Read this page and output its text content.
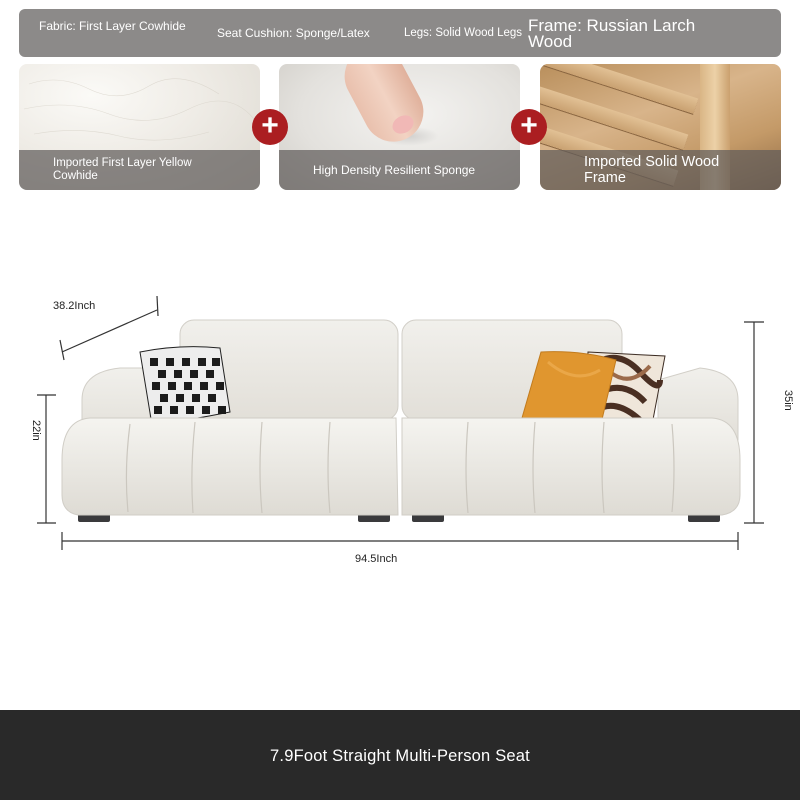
Fabric: First Layer Cowhide	Seat Cushion: Sponge/Latex	Legs: Solid Wood Legs Frame: Russian Larch Wood
Imported First Layer Yellow Cowhide	High Density Resilient Sponge	Imported Solid Wood Frame
+	+
38.2Inch
94.5Inch
22in
35in
7.9Foot Straight Multi-Person Seat
